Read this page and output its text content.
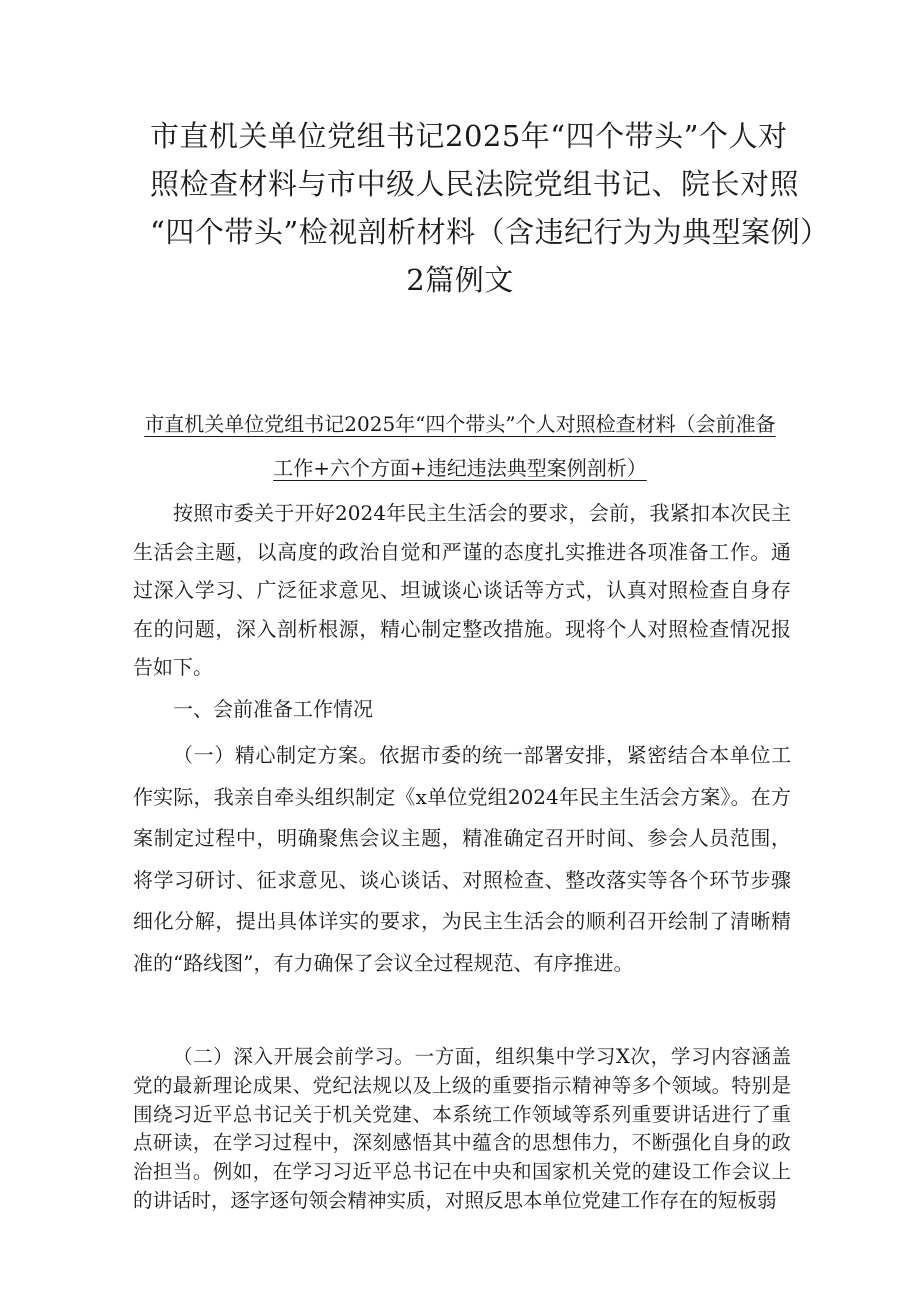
市直机关单位党组书记2025年“四个带头”个人对
照检查材料与市中级人民法院党组书记、院长对照
“四个带头”检视剖析材料（含违纪行为为典型案例）
2篇例文
市直机关单位党组书记2025年“四个带头”个人对照检查材料（会前准备工作+六个方面+违纪违法典型案例剖析）

按照市委关于开好2024年民主生活会的要求，会前，我紧扣本次民主生活会主题，以高度的政治自觉和严谨的态度扎实推进各项准备工作。通过深入学习、广泛征求意见、坦诚谈心谈话等方式，认真对照检查自身存在的问题，深入剖析根源，精心制定整改措施。现将个人对照检查情况报告如下。

一、会前准备工作情况

（一）精心制定方案。依据市委的统一部署安排，紧密结合本单位工作实际，我亲自牵头组织制定《x单位党组2024年民主生活会方案》。在方案制定过程中，明确聚焦会议主题，精准确定召开时间、参会人员范围，将学习研讨、征求意见、谈心谈话、对照检查、整改落实等各个环节步骤细化分解，提出具体详实的要求，为民主生活会的顺利召开绘制了清晰精准的“路线图”，有力确保了会议全过程规范、有序推进。

（二）深入开展会前学习。一方面，组织集中学习X次，学习内容涵盖党的最新理论成果、党纪法规以及上级的重要指示精神等多个领域。特别是围绕习近平总书记关于机关党建、本系统工作领域等系列重要讲话进行了重点研读，在学习过程中，深刻感悟其中蕴含的思想伟力，不断强化自身的政治担当。例如，在学习习近平总书记在中央和国家机关党的建设工作会议上的讲话时，逐字逐句领会精神实质，对照反思本单位党建工作存在的短板弱
